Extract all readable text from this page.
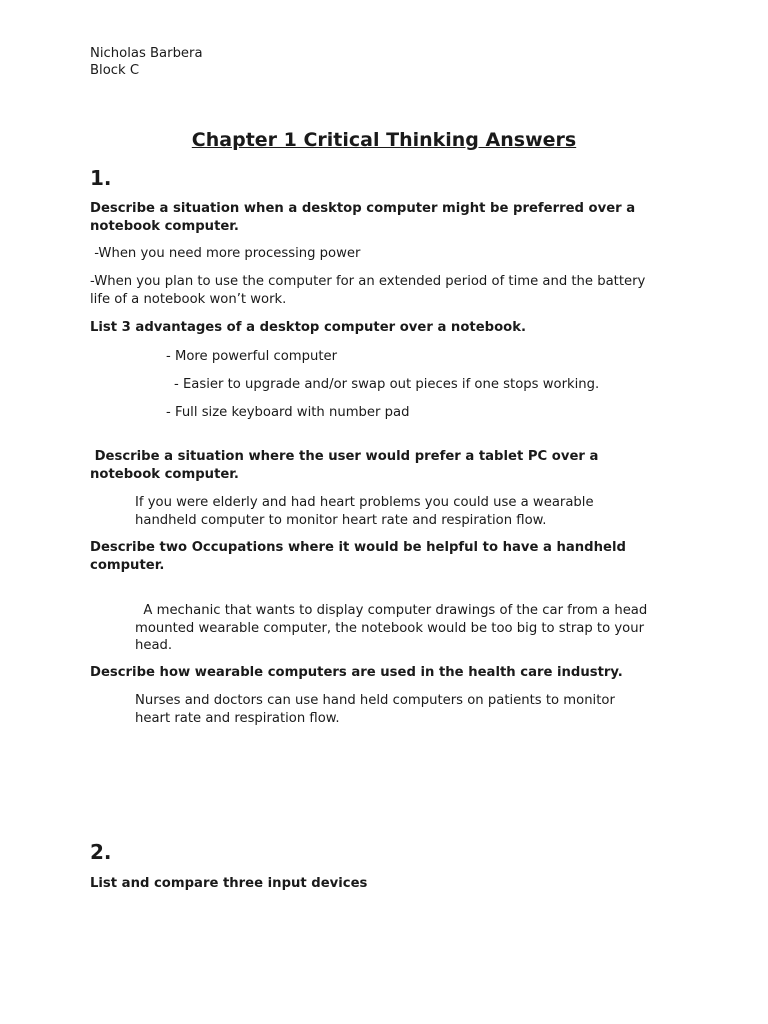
Nicholas Barbera
Block C
Chapter 1 Critical Thinking Answers
1.
Describe a situation when a desktop computer might be preferred over a
notebook computer.
-When you need more processing power
-When you plan to use the computer for an extended period of time and the battery
life of a notebook won’t work.
List 3 advantages of a desktop computer over a notebook.
- More powerful computer
- Easier to upgrade and/or swap out pieces if one stops working.
- Full size keyboard with number pad
Describe a situation where the user would prefer a tablet PC over a
notebook computer.
If you were elderly and had heart problems you could use a wearable
handheld computer to monitor heart rate and respiration flow.
Describe two Occupations where it would be helpful to have a handheld
computer.
A mechanic that wants to display computer drawings of the car from a head
mounted wearable computer, the notebook would be too big to strap to your
head.
Describe how wearable computers are used in the health care industry.
Nurses and doctors can use hand held computers on patients to monitor
heart rate and respiration flow.
2.
List and compare three input devices
